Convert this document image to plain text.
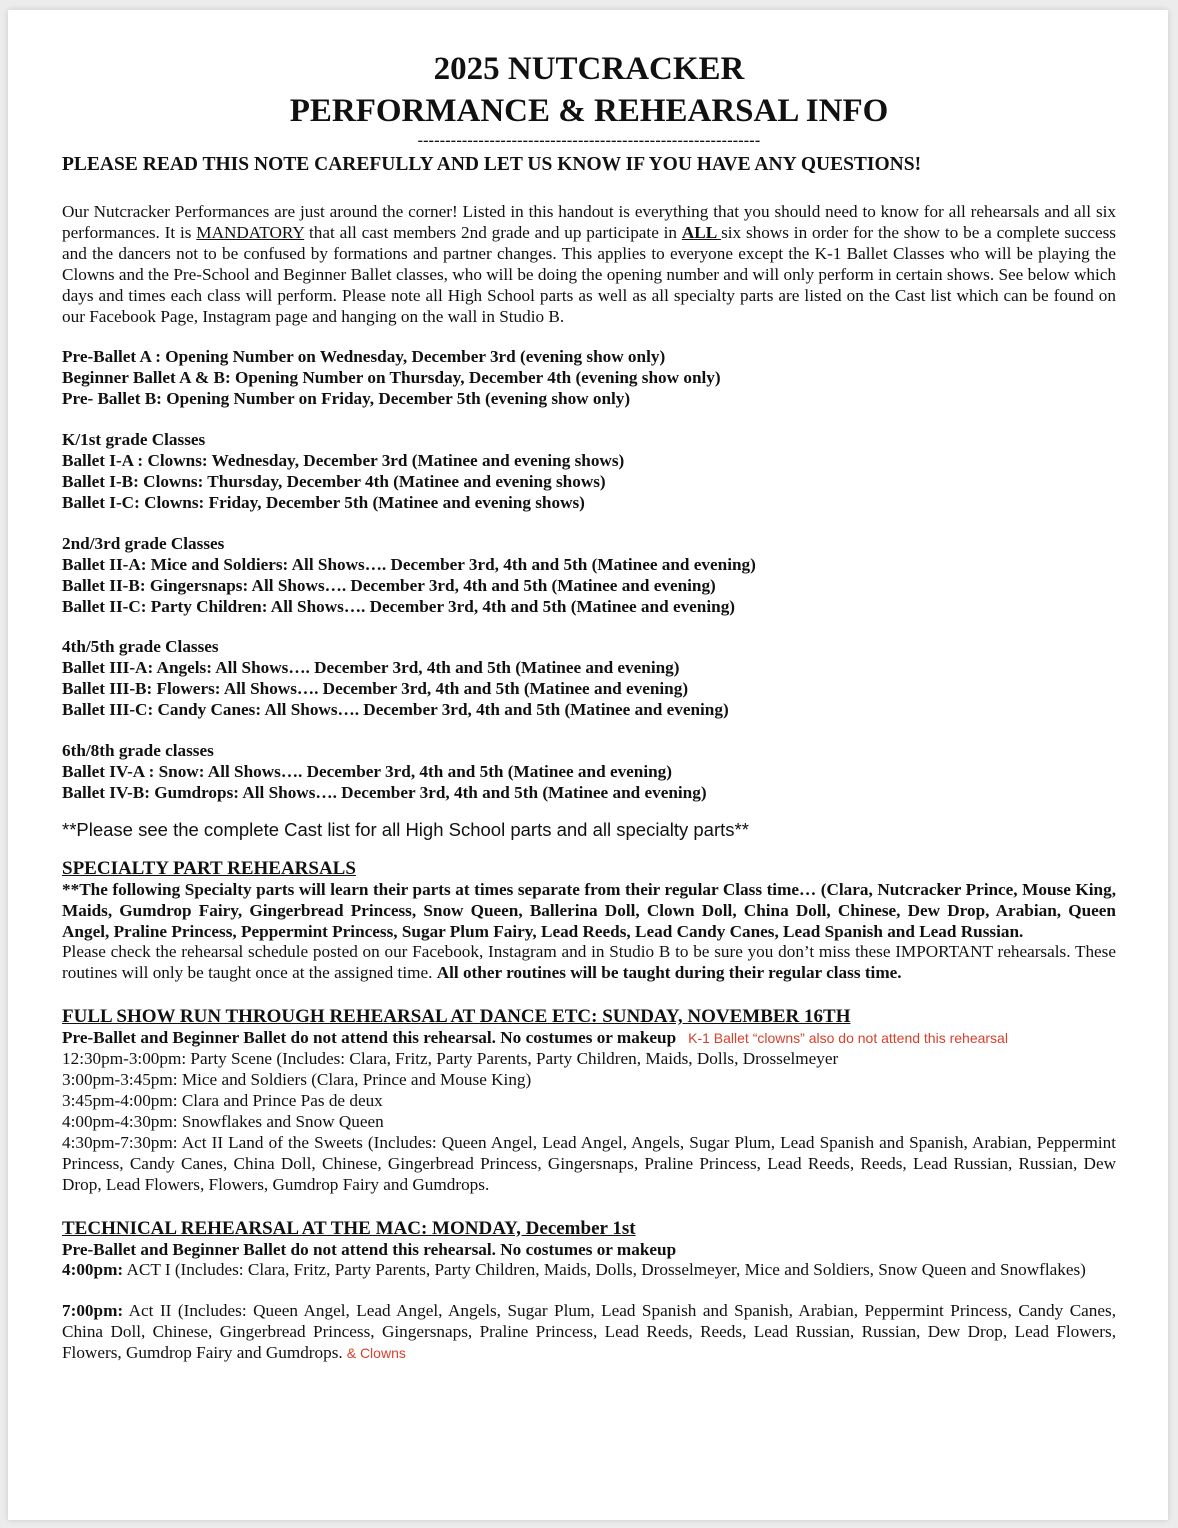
2025 NUTCRACKER
PERFORMANCE & REHEARSAL INFO
--------------------------------------------------------------
PLEASE READ THIS NOTE CAREFULLY AND LET US KNOW IF YOU HAVE ANY QUESTIONS!

Our Nutcracker Performances are just around the corner! Listed in this handout is everything that you should need to know for all rehearsals and all six performances. It is MANDATORY that all cast members 2nd grade and up participate in ALL six shows in order for the show to be a complete success and the dancers not to be confused by formations and partner changes. This applies to everyone except the K-1 Ballet Classes who will be playing the Clowns and the Pre-School and Beginner Ballet classes, who will be doing the opening number and will only perform in certain shows. See below which days and times each class will perform. Please note all High School parts as well as all specialty parts are listed on the Cast list which can be found on our Facebook Page, Instagram page and hanging on the wall in Studio B.

Pre-Ballet A : Opening Number on Wednesday, December 3rd (evening show only)
Beginner Ballet A & B: Opening Number on Thursday, December 4th (evening show only)
Pre- Ballet B: Opening Number on Friday, December 5th (evening show only)
K/1st grade Classes
Ballet I-A : Clowns: Wednesday, December 3rd (Matinee and evening shows)
Ballet I-B: Clowns: Thursday, December 4th (Matinee and evening shows)
Ballet I-C: Clowns: Friday, December 5th (Matinee and evening shows)
2nd/3rd grade Classes
Ballet II-A: Mice and Soldiers: All Shows…. December 3rd, 4th and 5th (Matinee and evening)
Ballet II-B: Gingersnaps: All Shows…. December 3rd, 4th and 5th (Matinee and evening)
Ballet II-C: Party Children: All Shows…. December 3rd, 4th and 5th (Matinee and evening)
4th/5th grade Classes
Ballet III-A: Angels: All Shows…. December 3rd, 4th and 5th (Matinee and evening)
Ballet III-B: Flowers: All Shows…. December 3rd, 4th and 5th (Matinee and evening)
Ballet III-C: Candy Canes: All Shows…. December 3rd, 4th and 5th (Matinee and evening)
6th/8th grade classes
Ballet IV-A : Snow: All Shows…. December 3rd, 4th and 5th (Matinee and evening)
Ballet IV-B: Gumdrops: All Shows…. December 3rd, 4th and 5th (Matinee and evening)

**Please see the complete Cast list for all High School parts and all specialty parts**

SPECIALTY PART REHEARSALS
**The following Specialty parts will learn their parts at times separate from their regular Class time… (Clara, Nutcracker Prince, Mouse King, Maids, Gumdrop Fairy, Gingerbread Princess, Snow Queen, Ballerina Doll, Clown Doll, China Doll, Chinese, Dew Drop, Arabian, Queen Angel, Praline Princess, Peppermint Princess, Sugar Plum Fairy, Lead Reeds, Lead Candy Canes, Lead Spanish and Lead Russian.
Please check the rehearsal schedule posted on our Facebook, Instagram and in Studio B to be sure you don’t miss these IMPORTANT rehearsals. These routines will only be taught once at the assigned time. All other routines will be taught during their regular class time.
FULL SHOW RUN THROUGH REHEARSAL AT DANCE ETC: SUNDAY, NOVEMBER 16TH
Pre-Ballet and Beginner Ballet do not attend this rehearsal. No costumes or makeup K-1 Ballet “clowns” also do not attend this rehearsal
12:30pm-3:00pm: Party Scene (Includes: Clara, Fritz, Party Parents, Party Children, Maids, Dolls, Drosselmeyer
3:00pm-3:45pm: Mice and Soldiers (Clara, Prince and Mouse King)
3:45pm-4:00pm: Clara and Prince Pas de deux
4:00pm-4:30pm: Snowflakes and Snow Queen
4:30pm-7:30pm: Act II Land of the Sweets (Includes: Queen Angel, Lead Angel, Angels, Sugar Plum, Lead Spanish and Spanish, Arabian, Peppermint Princess, Candy Canes, China Doll, Chinese, Gingerbread Princess, Gingersnaps, Praline Princess, Lead Reeds, Reeds, Lead Russian, Russian, Dew Drop, Lead Flowers, Flowers, Gumdrop Fairy and Gumdrops.
TECHNICAL REHEARSAL AT THE MAC: MONDAY, December 1st
Pre-Ballet and Beginner Ballet do not attend this rehearsal. No costumes or makeup
4:00pm: ACT I (Includes: Clara, Fritz, Party Parents, Party Children, Maids, Dolls, Drosselmeyer, Mice and Soldiers, Snow Queen and Snowflakes)
7:00pm: Act II (Includes: Queen Angel, Lead Angel, Angels, Sugar Plum, Lead Spanish and Spanish, Arabian, Peppermint Princess, Candy Canes, China Doll, Chinese, Gingerbread Princess, Gingersnaps, Praline Princess, Lead Reeds, Reeds, Lead Russian, Russian, Dew Drop, Lead Flowers, Flowers, Gumdrop Fairy and Gumdrops. & Clowns
